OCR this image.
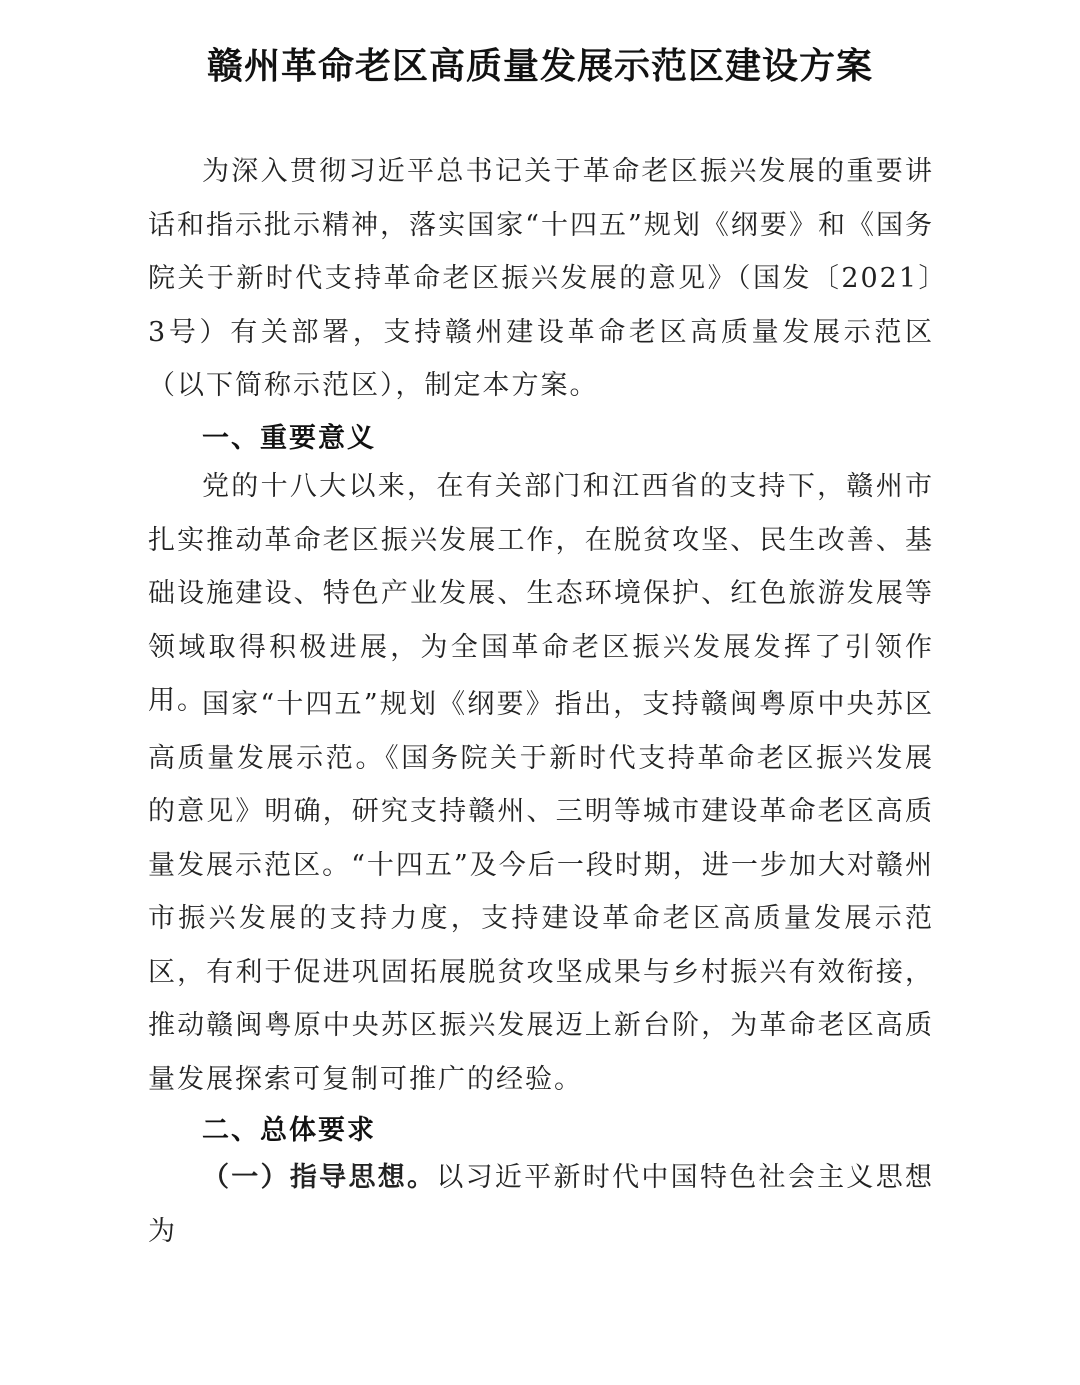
赣州革命老区高质量发展示范区建设方案

为深入贯彻习近平总书记关于革命老区振兴发展的重要讲话和指示批示精神，落实国家“十四五”规划《纲要》和《国务院关于新时代支持革命老区振兴发展的意见》（国发〔2021〕3号）有关部署，支持赣州建设革命老区高质量发展示范区（以下简称示范区），制定本方案。

一、重要意义

党的十八大以来，在有关部门和江西省的支持下，赣州市扎实推动革命老区振兴发展工作，在脱贫攻坚、民生改善、基础设施建设、特色产业发展、生态环境保护、红色旅游发展等领域取得积极进展，为全国革命老区振兴发展发挥了引领作用。

国家“十四五”规划《纲要》指出，支持赣闽粤原中央苏区高质量发展示范。《国务院关于新时代支持革命老区振兴发展的意见》明确，研究支持赣州、三明等城市建设革命老区高质量发展示范区。“十四五”及今后一段时期，进一步加大对赣州市振兴发展的支持力度，支持建设革命老区高质量发展示范区，有利于促进巩固拓展脱贫攻坚成果与乡村振兴有效衔接，推动赣闽粤原中央苏区振兴发展迈上新台阶，为革命老区高质量发展探索可复制可推广的经验。

二、总体要求

（一）指导思想。以习近平新时代中国特色社会主义思想为
